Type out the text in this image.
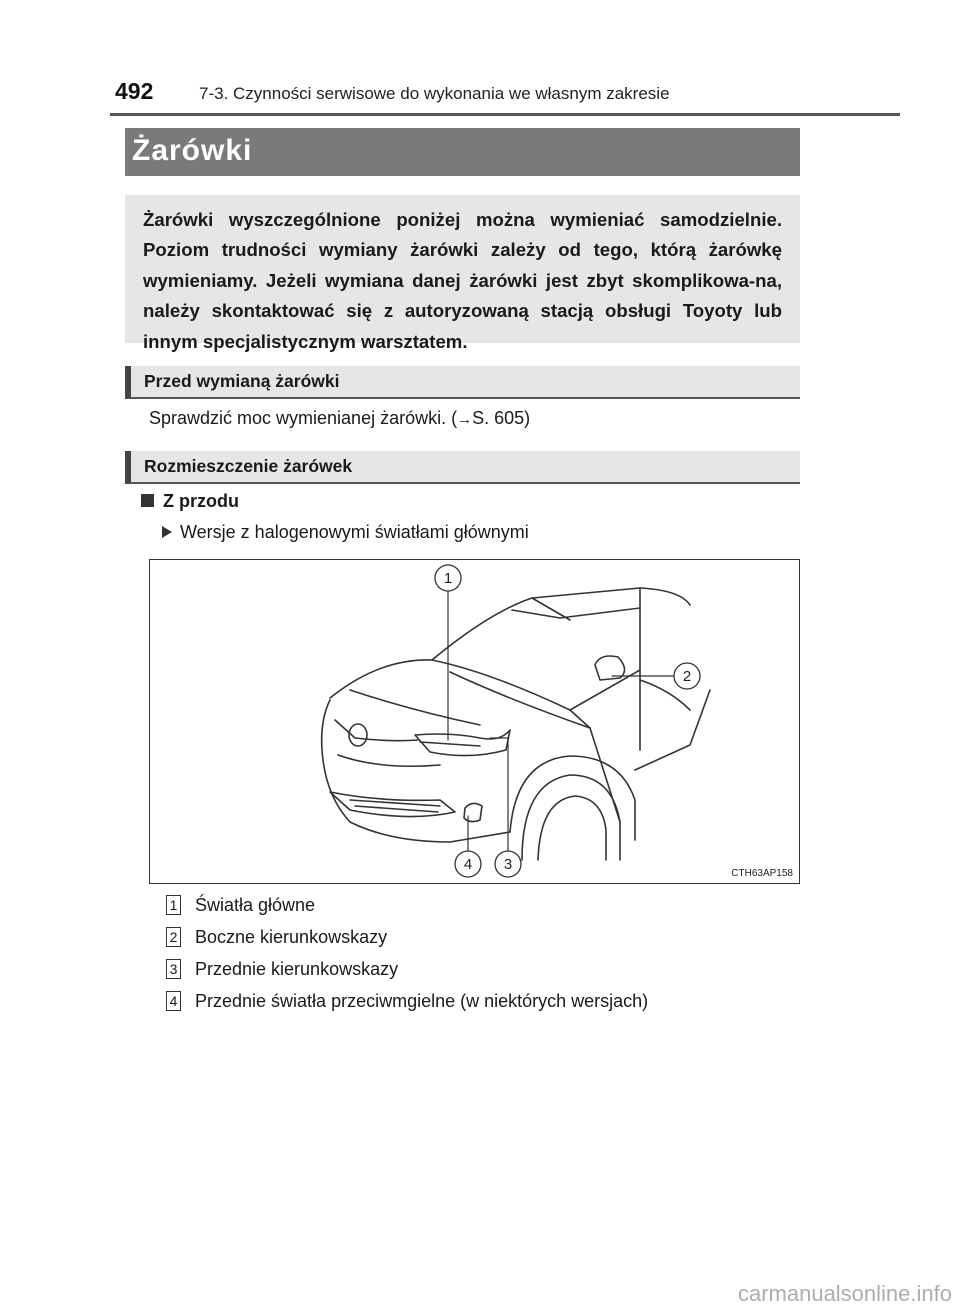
492	7-3. Czynności serwisowe do wykonania we własnym zakresie
Żarówki
Żarówki wyszczególnione poniżej można wymieniać samodzielnie. Poziom trudności wymiany żarówki zależy od tego, którą żarówkę wymieniamy. Jeżeli wymiana danej żarówki jest zbyt skomplikowa-na, należy skontaktować się z autoryzowaną stacją obsługi Toyoty lub innym specjalistycznym warsztatem.
Przed wymianą żarówki
Sprawdzić moc wymienianej żarówki. (→S. 605)
Rozmieszczenie żarówek
Z przodu
Wersje z halogenowymi światłami głównymi
1
2
3
4
CTH63AP158
1 Światła główne
2 Boczne kierunkowskazy
3 Przednie kierunkowskazy
4 Przednie światła przeciwmgielne (w niektórych wersjach)
carmanualsonline.info
